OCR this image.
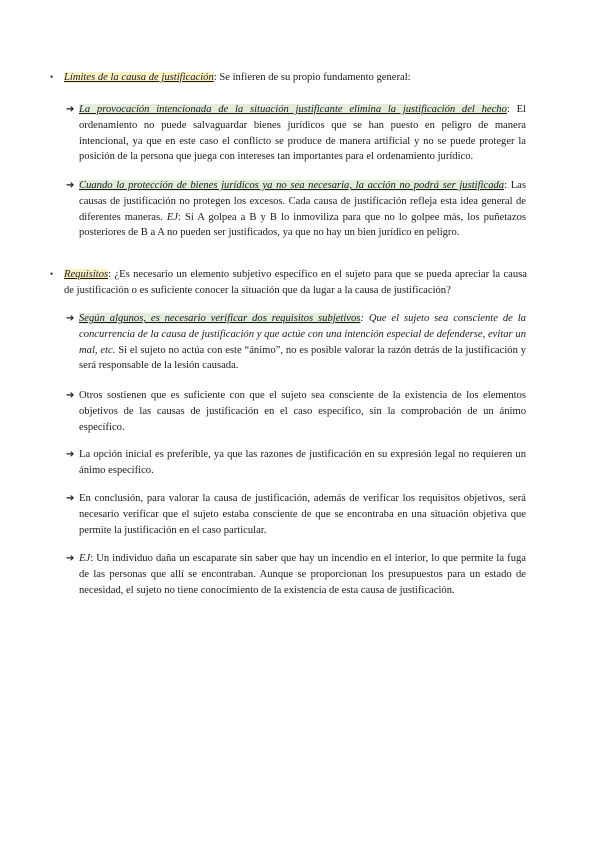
• Límites de la causa de justificación: Se infieren de su propio fundamento general:
➔ La provocación intencionada de la situación justificante elimina la justificación del hecho: El ordenamiento no puede salvaguardar bienes jurídicos que se han puesto en peligro de manera intencional, ya que en este caso el conflicto se produce de manera artificial y no se puede proteger la posición de la persona que juega con intereses tan importantes para el ordenamiento jurídico.
➔ Cuando la protección de bienes jurídicos ya no sea necesaria, la acción no podrá ser justificada: Las causas de justificación no protegen los excesos. Cada causa de justificación refleja esta idea general de diferentes maneras. EJ: Si A golpea a B y B lo inmoviliza para que no lo golpee más, los puñetazos posteriores de B a A no pueden ser justificados, ya que no hay un bien jurídico en peligro.
• Requisitos: ¿Es necesario un elemento subjetivo específico en el sujeto para que se pueda apreciar la causa de justificación o es suficiente conocer la situación que da lugar a la causa de justificación?
➔ Según algunos, es necesario verificar dos requisitos subjetivos: Que el sujeto sea consciente de la concurrencia de la causa de justificación y que actúe con una intención especial de defenderse, evitar un mal, etc. Si el sujeto no actúa con este “ánimo”, no es posible valorar la razón detrás de la justificación y será responsable de la lesión causada.
➔ Otros sostienen que es suficiente con que el sujeto sea consciente de la existencia de los elementos objetivos de las causas de justificación en el caso específico, sin la comprobación de un ánimo específico.
➔ La opción inicial es preferible, ya que las razones de justificación en su expresión legal no requieren un ánimo específico.
➔ En conclusión, para valorar la causa de justificación, además de verificar los requisitos objetivos, será necesario verificar que el sujeto estaba consciente de que se encontraba en una situación objetiva que permite la justificación en el caso particular.
➔ EJ: Un individuo daña un escaparate sin saber que hay un incendio en el interior, lo que permite la fuga de las personas que allí se encontraban. Aunque se proporcionan los presupuestos para un estado de necesidad, el sujeto no tiene conocimiento de la existencia de esta causa de justificación.
